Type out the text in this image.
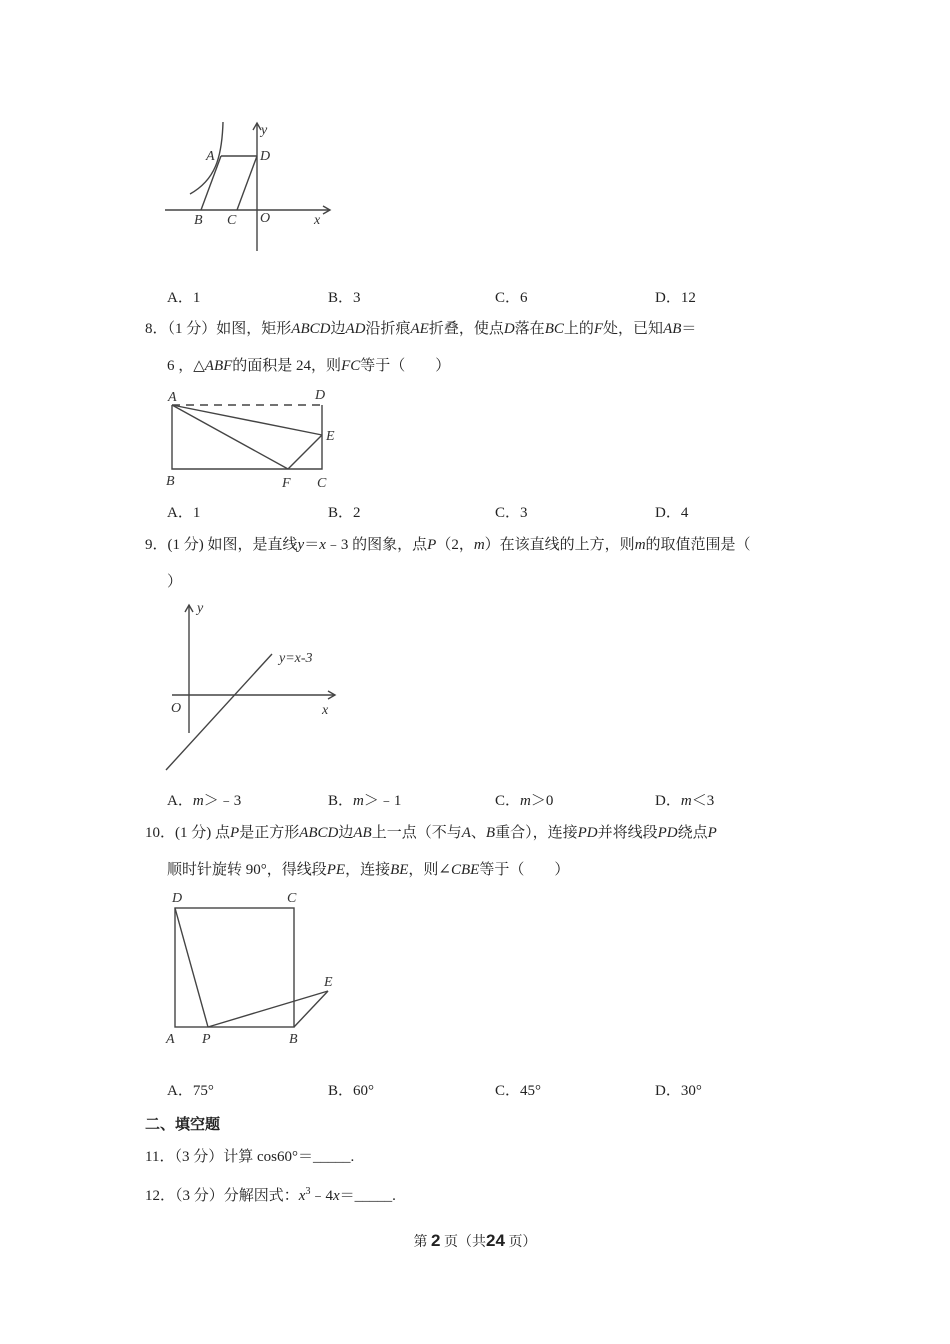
y
x
A	D
B C O
A．1	B．3	C．6	D．12
8．（1 分）如图，矩形ABCD边AD沿折痕AE折叠，使点D落在BC上的F处，已知AB＝
6 ，△ABF的面积是 24，则FC等于（　　）
A	D
E
B	F C
A．1	B．2	C．3	D．4
9．(1 分) 如图，是直线y＝x﹣3 的图象，点P（2，m）在该直线的上方，则m的取值范围是（
）
y
x
O
y=x-3
A．m＞﹣3	B．m＞﹣1	C．m＞0	D．m＜3
10．(1 分) 点P是正方形ABCD边AB上一点（不与A、B重合），连接PD并将线段PD绕点P
顺时针旋转 90°，得线段PE，连接BE，则∠CBE等于（　　）
D	C
E
A P	B
A．75°	B．60°	C．45°	D．30°
二、填空题
11．（3 分）计算 cos60°＝_____.
12．（3 分）分解因式：$x^3﹣4x=\_\_\_\_\_$.
第 2 页（共24 页）
